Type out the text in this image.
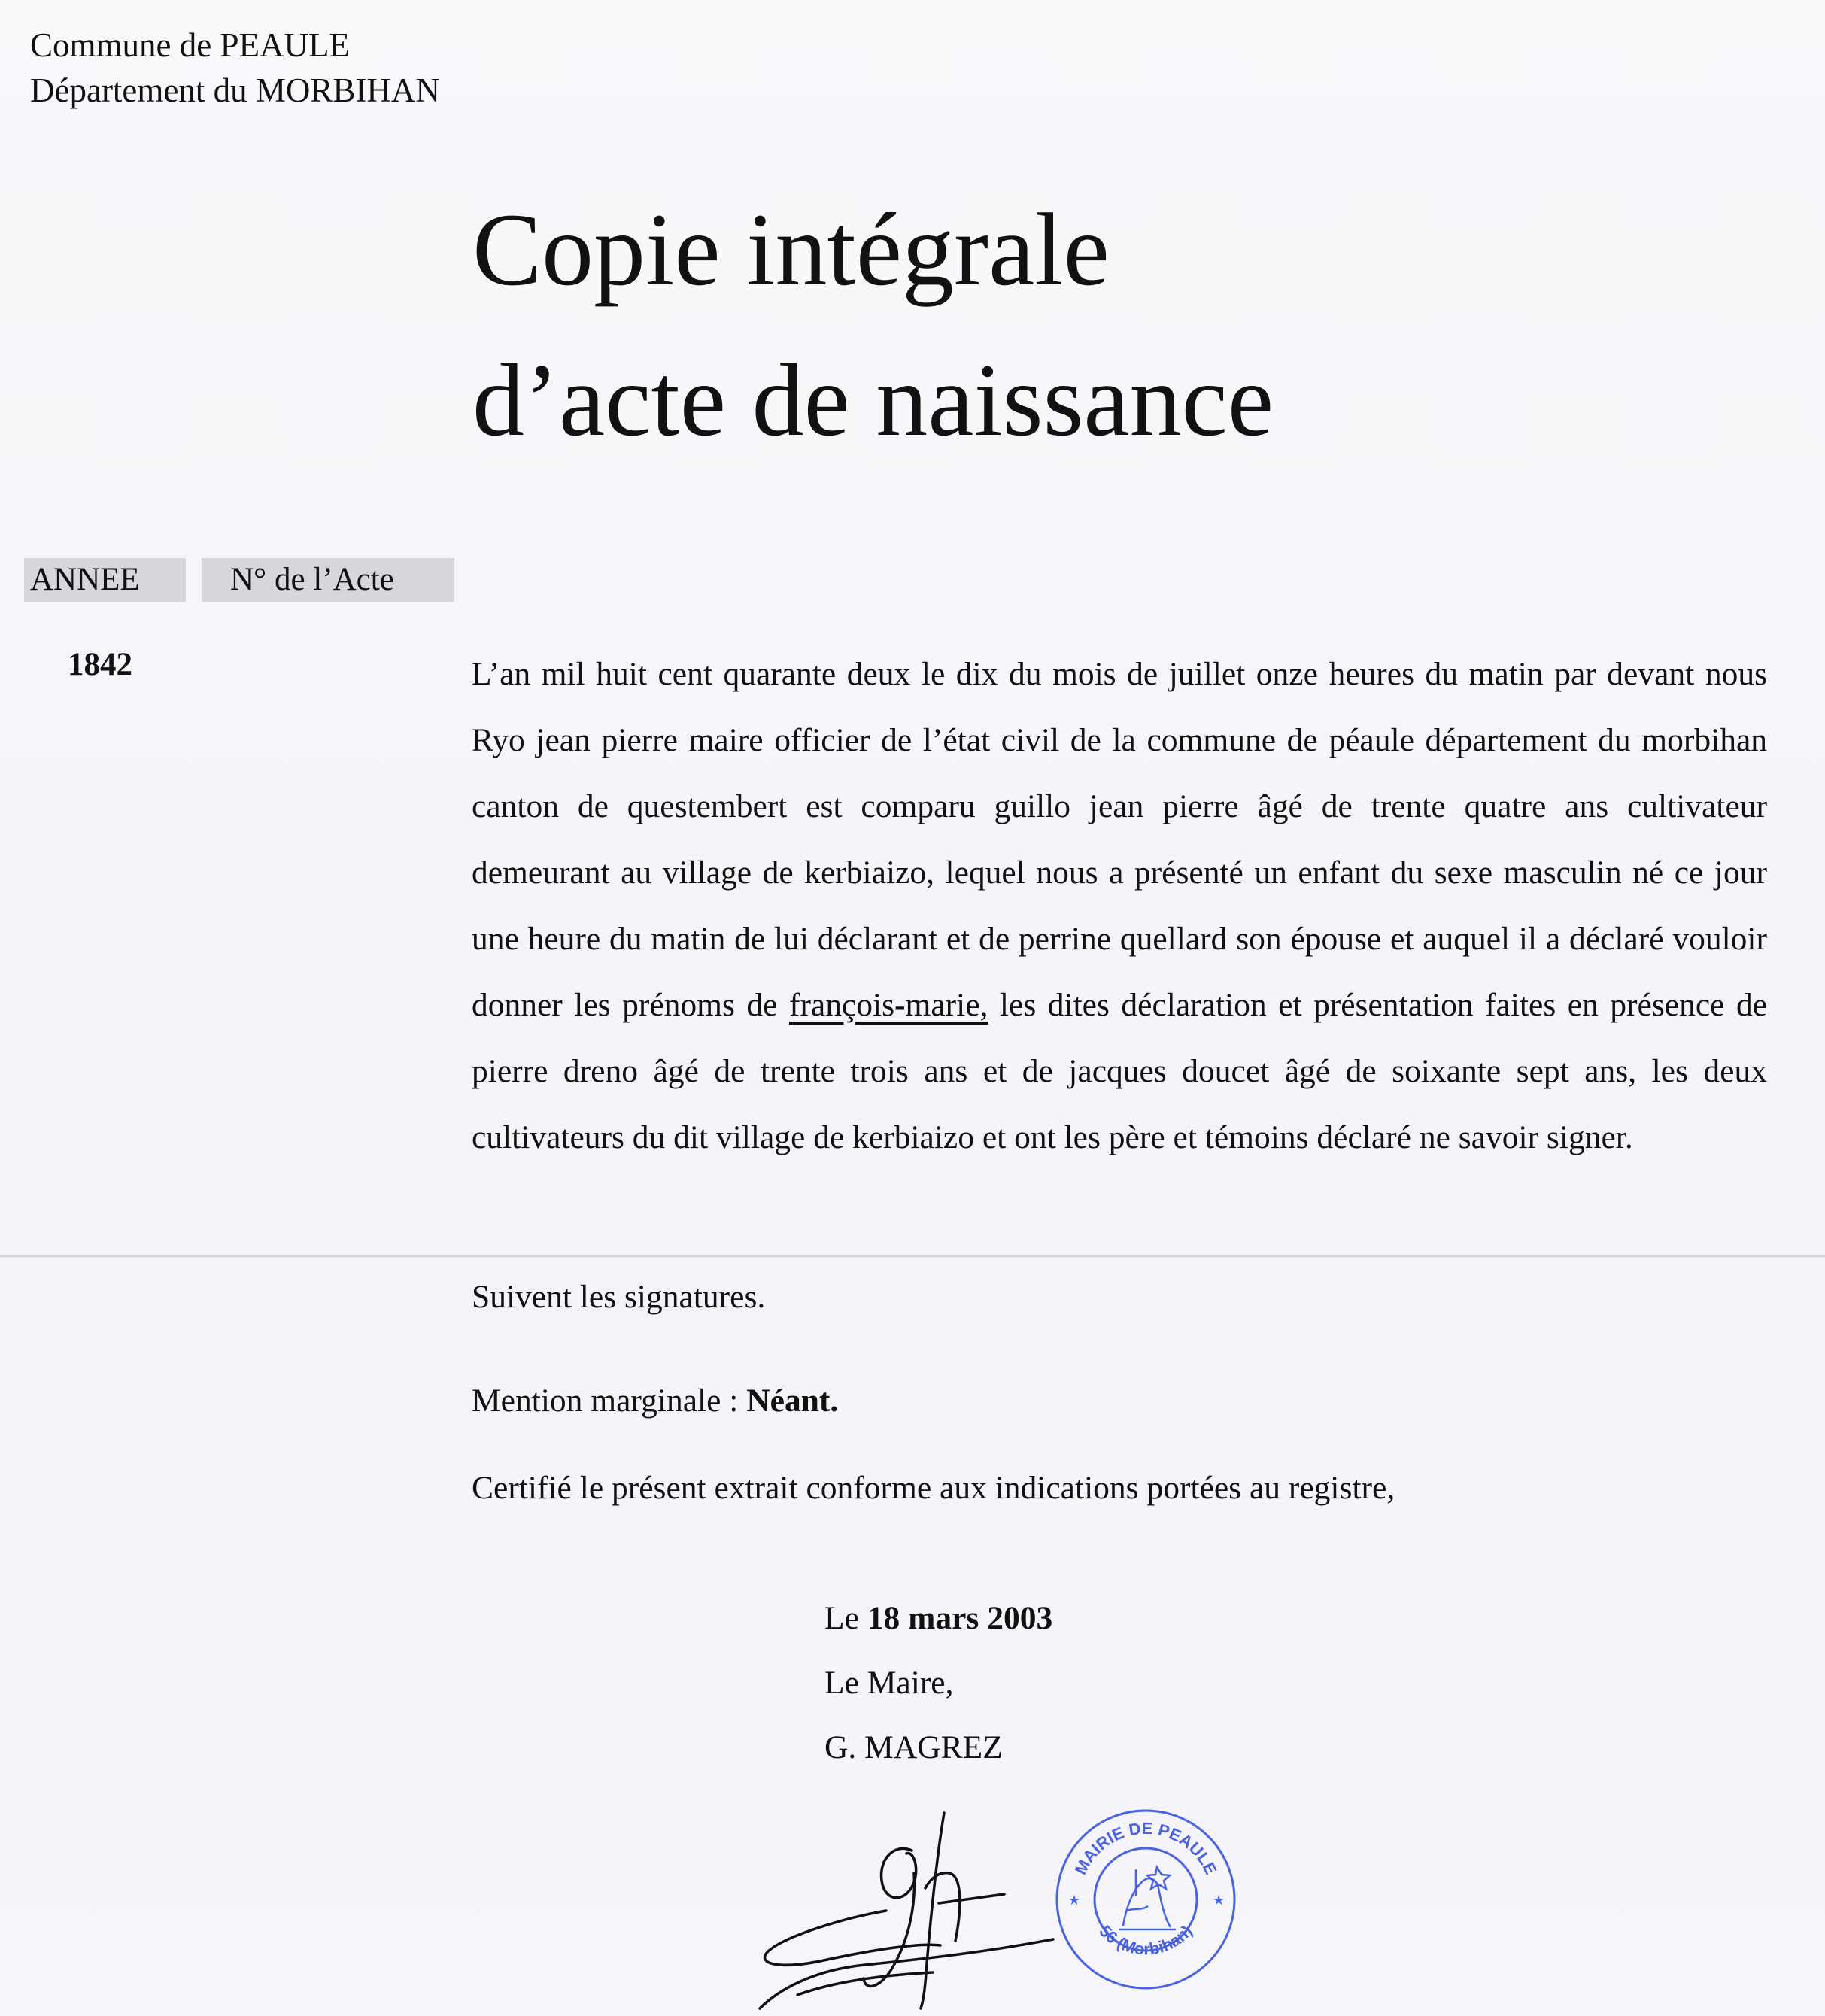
Commune de PEAULE
Département du MORBIHAN
Copie intégrale
d’acte de naissance
ANNEE	N° de l’Acte
1842	L’an mil huit cent quarante deux le dix du mois de juillet onze heures du matin par devant nous Ryo jean pierre maire officier de l’état civil de la commune de péaule département du morbihan canton de questembert est comparu guillo jean pierre âgé de trente quatre ans cultivateur demeurant au village de kerbiaizo, lequel nous a présenté un enfant du sexe masculin né ce jour une heure du matin de lui déclarant et de perrine quellard son épouse et auquel il a déclaré vouloir donner les prénoms de françois-marie, les dites déclaration et présentation faites en présence de pierre dreno âgé de trente trois ans et de jacques doucet âgé de soixante sept ans, les deux cultivateurs du dit village de kerbiaizo et ont les père et témoins déclaré ne savoir signer.
Suivent les signatures.
Mention marginale : Néant.
Certifié le présent extrait conforme aux indications portées au registre,
Le 18 mars 2003
Le Maire,
G. MAGREZ
MAIRIE DE PEAULE
56 (Morbihan)
★	★
